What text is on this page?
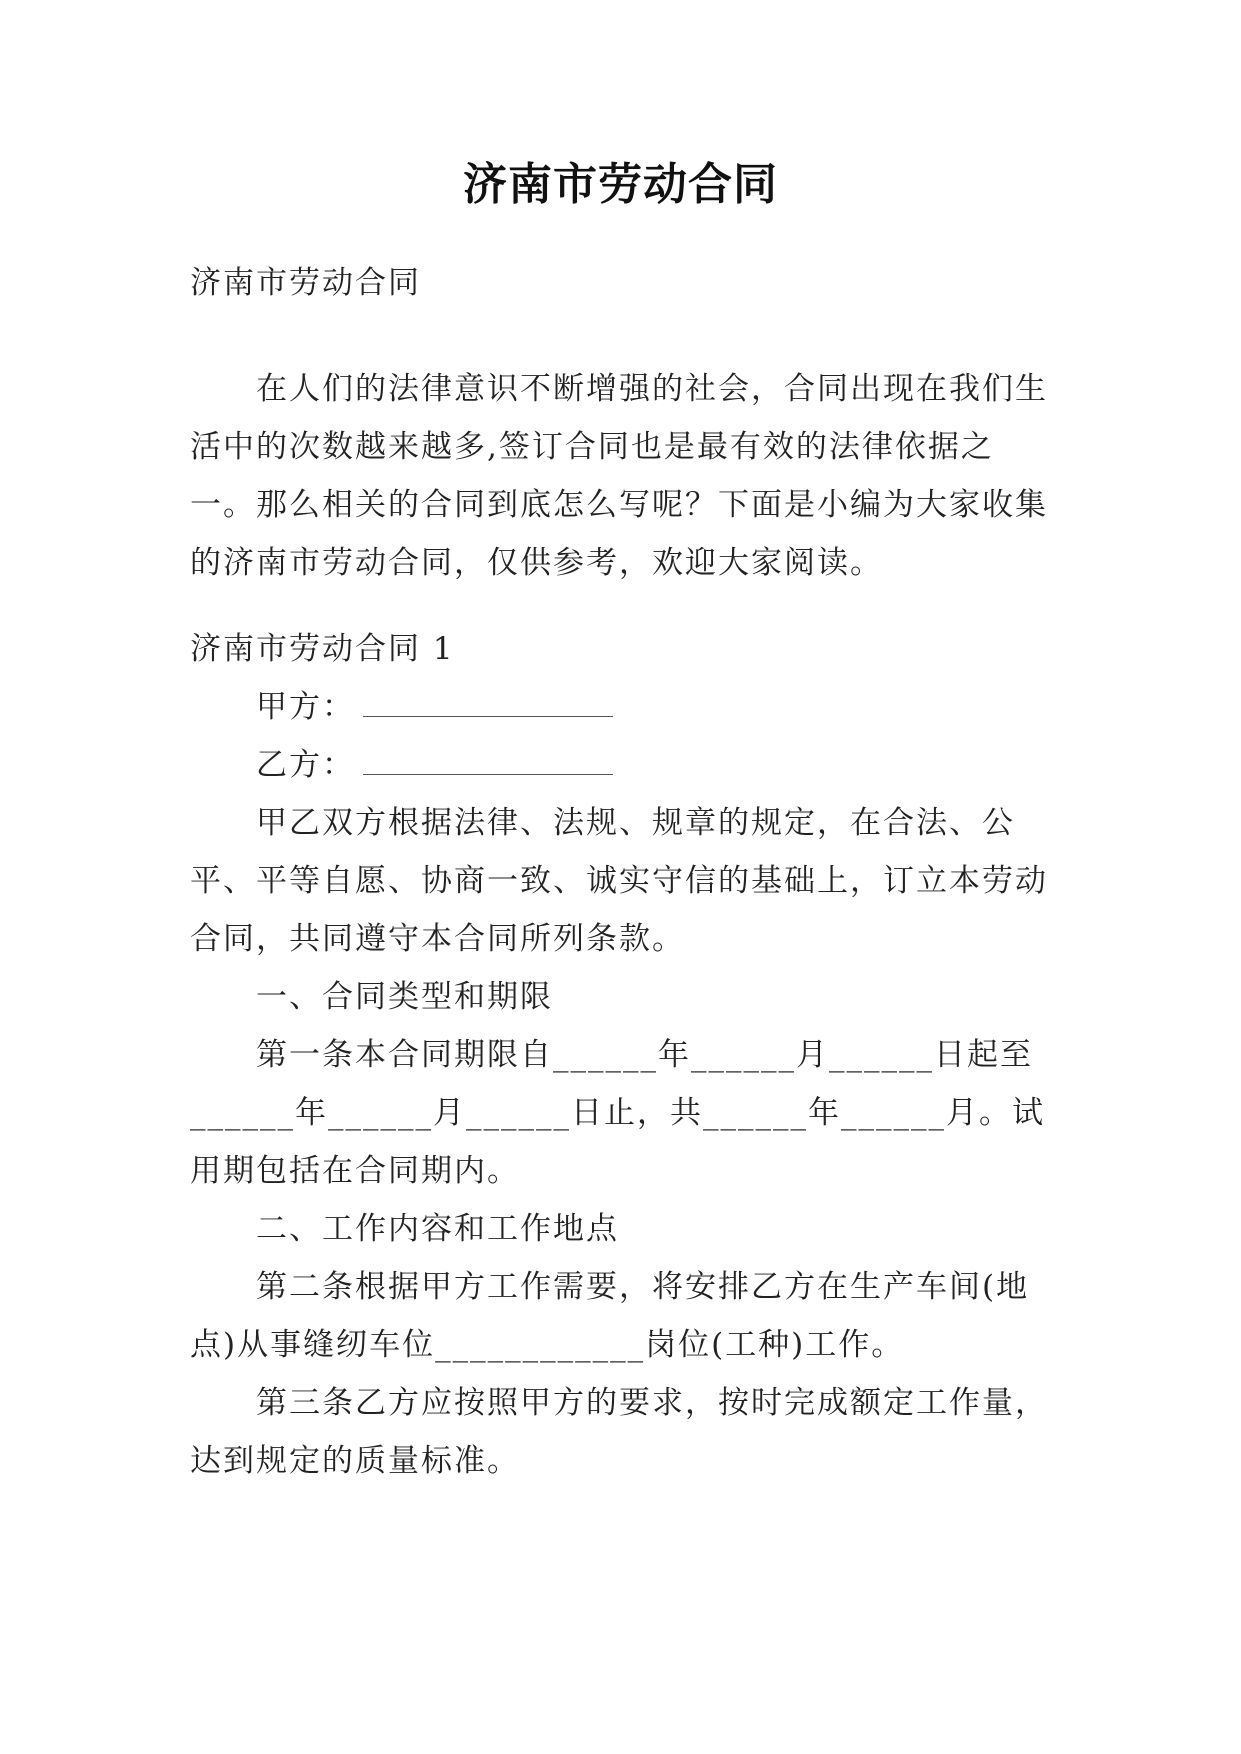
济南市劳动合同

济南市劳动合同

在人们的法律意识不断增强的社会，合同出现在我们生活中的次数越来越多,签订合同也是最有效的法律依据之一。那么相关的合同到底怎么写呢？下面是小编为大家收集的济南市劳动合同，仅供参考，欢迎大家阅读。

济南市劳动合同 1

甲方：
乙方：

甲乙双方根据法律、法规、规章的规定，在合法、公平、平等自愿、协商一致、诚实守信的基础上，订立本劳动合同，共同遵守本合同所列条款。

一、合同类型和期限

第一条本合同期限自______年______月______日起至______年______月______日止，共______年______月。试用期包括在合同期内。

二、工作内容和工作地点

第二条根据甲方工作需要，将安排乙方在生产车间(地点)从事缝纫车位____________岗位(工种)工作。

第三条乙方应按照甲方的要求，按时完成额定工作量，达到规定的质量标准。
